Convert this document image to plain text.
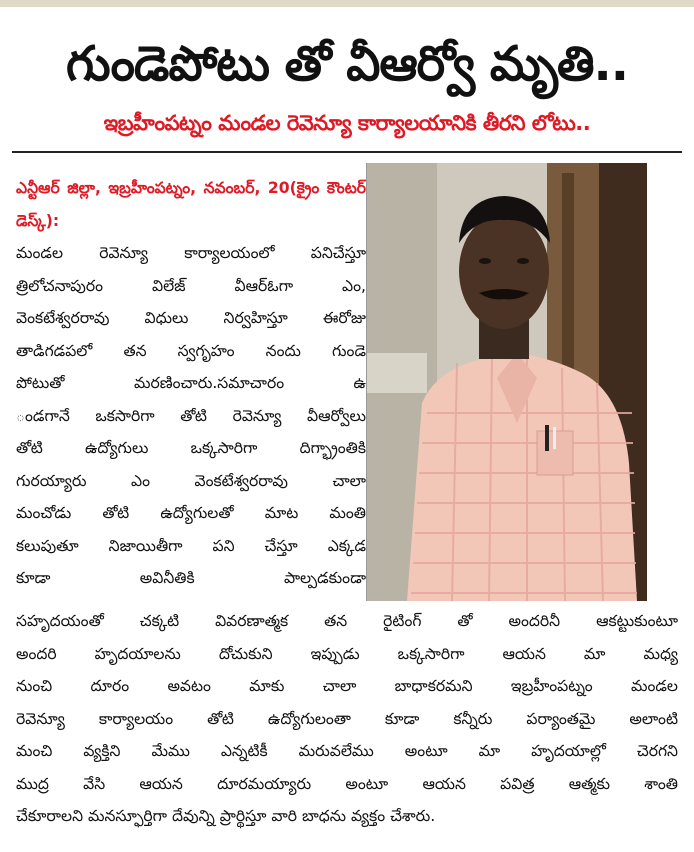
గుండెపోటు తో వీఆర్వో మృతి..
ఇబ్రహీంపట్నం మండల రెవెన్యూ కార్యాలయానికి తీరని లోటు..
ఎన్టీఆర్ జిల్లా, ఇబ్రహీంపట్నం, నవంబర్, 20(క్రైం కౌంటర్ డెస్క్):
మండల రెవెన్యూ కార్యాలయంలో పనిచేస్తూ
త్రిలోచనాపురం విలేజ్ వీఆర్ఓగా ఎం,
వెంకటేశ్వరరావు విధులు నిర్వహిస్తూ ఈరోజు
తాడిగడపలో తన స్వగృహం నందు గుండె
పోటుతో మరణించారు.సమాచారం ఉ
ండగానే ఒకసారిగా తోటి రెవెన్యూ వీఆర్వోలు
తోటి ఉద్యోగులు ఒక్కసారిగా దిగ్భ్రాంతికి
గురయ్యారు ఎం వెంకటేశ్వరరావు చాలా
మంచోడు తోటి ఉద్యోగులతో మాట మంతి
కలుపుతూ నిజాయితీగా పని చేస్తూ ఎక్కడ
కూడా అవినీతికి పాల్పడకుండా
సహృదయంతో చక్కటి వివరణాత్మక తన రైటింగ్ తో అందరినీ ఆకట్టుకుంటూ
అందరి హృదయాలను దోచుకుని ఇప్పుడు ఒక్కసారిగా ఆయన మా మధ్య
నుంచి దూరం అవటం మాకు చాలా బాధాకరమని ఇబ్రహీంపట్నం మండల
రెవెన్యూ కార్యాలయం తోటి ఉద్యోగులంతా కూడా కన్నీరు పర్యాంతమై అలాంటి
మంచి వ్యక్తిని మేము ఎన్నటికీ మరువలేము అంటూ మా హృదయాల్లో చెరగని
ముద్ర వేసి ఆయన దూరమయ్యారు అంటూ ఆయన పవిత్ర ఆత్మకు శాంతి
చేకూరాలని మనస్ఫూర్తిగా దేవున్ని ప్రార్థిస్తూ వారి బాధను వ్యక్తం చేశారు.
